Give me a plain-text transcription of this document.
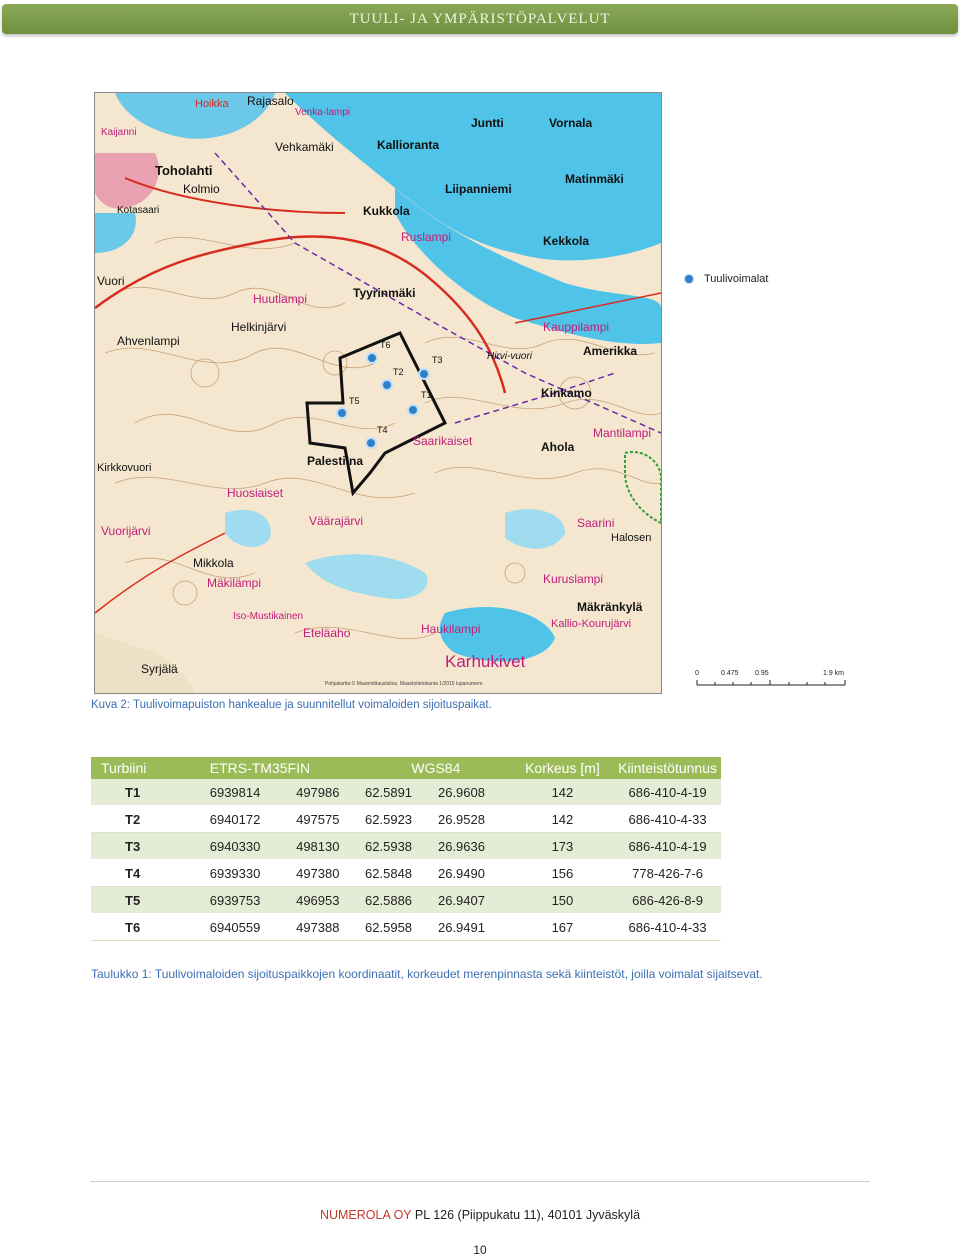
TUULI- JA YMPÄRISTÖPALVELUT
T1
T2
T3
T4
T5
T6
Hoikka Rajasalo
Venka-lampi
Kaijanni
Vehkamäki	Kallioranta
Juntti	Vornala
Toholahti
Kolmio
Kotasaari
Liipanniemi
Matinmäki
Kukkola
Ruslampi	Kekkola
Vuori
Huutlampi	Tyyrinmäki
Helkinjärvi
Ahvenlampi
Kauppilampi
Amerikka
Hirvi-vuori
Kinkamo
Mantilampi
Saarikaiset	Ahola
Palestiina
Kirkkovuori
Huosiaiset
Vuorijärvi
Väärajärvi	Saarini
Halosen
Mikkola
Mäkilämpi	Kuruslampi
Iso-Mustikainen
Mäkränkylä
Eteläaho	Haukilampi	Kallio-Kourujärvi
Syrjälä	Karhukivet
Pohjakartta © Maanmittauslaitos, Maastotietokanta 1/2015 lupanumero
Tuulivoimalat
0	0.475 0.95	1.9 km
Kuva 2: Tuulivoimapuiston hankealue ja suunnitellut voimaloiden sijoituspaikat.
Turbiini	ETRS-TM35FIN		WGS84		Korkeus [m]	Kiinteistötunnus
T1	6939814	497986	62.5891	26.9608	142	686-410-4-19
T2	6940172	497575	62.5923	26.9528	142	686-410-4-33
T3	6940330	498130	62.5938	26.9636	173	686-410-4-19
T4	6939330	497380	62.5848	26.9490	156	778-426-7-6
T5	6939753	496953	62.5886	26.9407	150	686-426-8-9
T6	6940559	497388	62.5958	26.9491	167	686-410-4-33
Taulukko 1: Tuulivoimaloiden sijoituspaikkojen koordinaatit, korkeudet merenpinnasta sekä kiinteistöt, joilla voimalat sijaitsevat.
NUMEROLA OY PL 126 (Piippukatu 11), 40101 Jyväskylä
10
